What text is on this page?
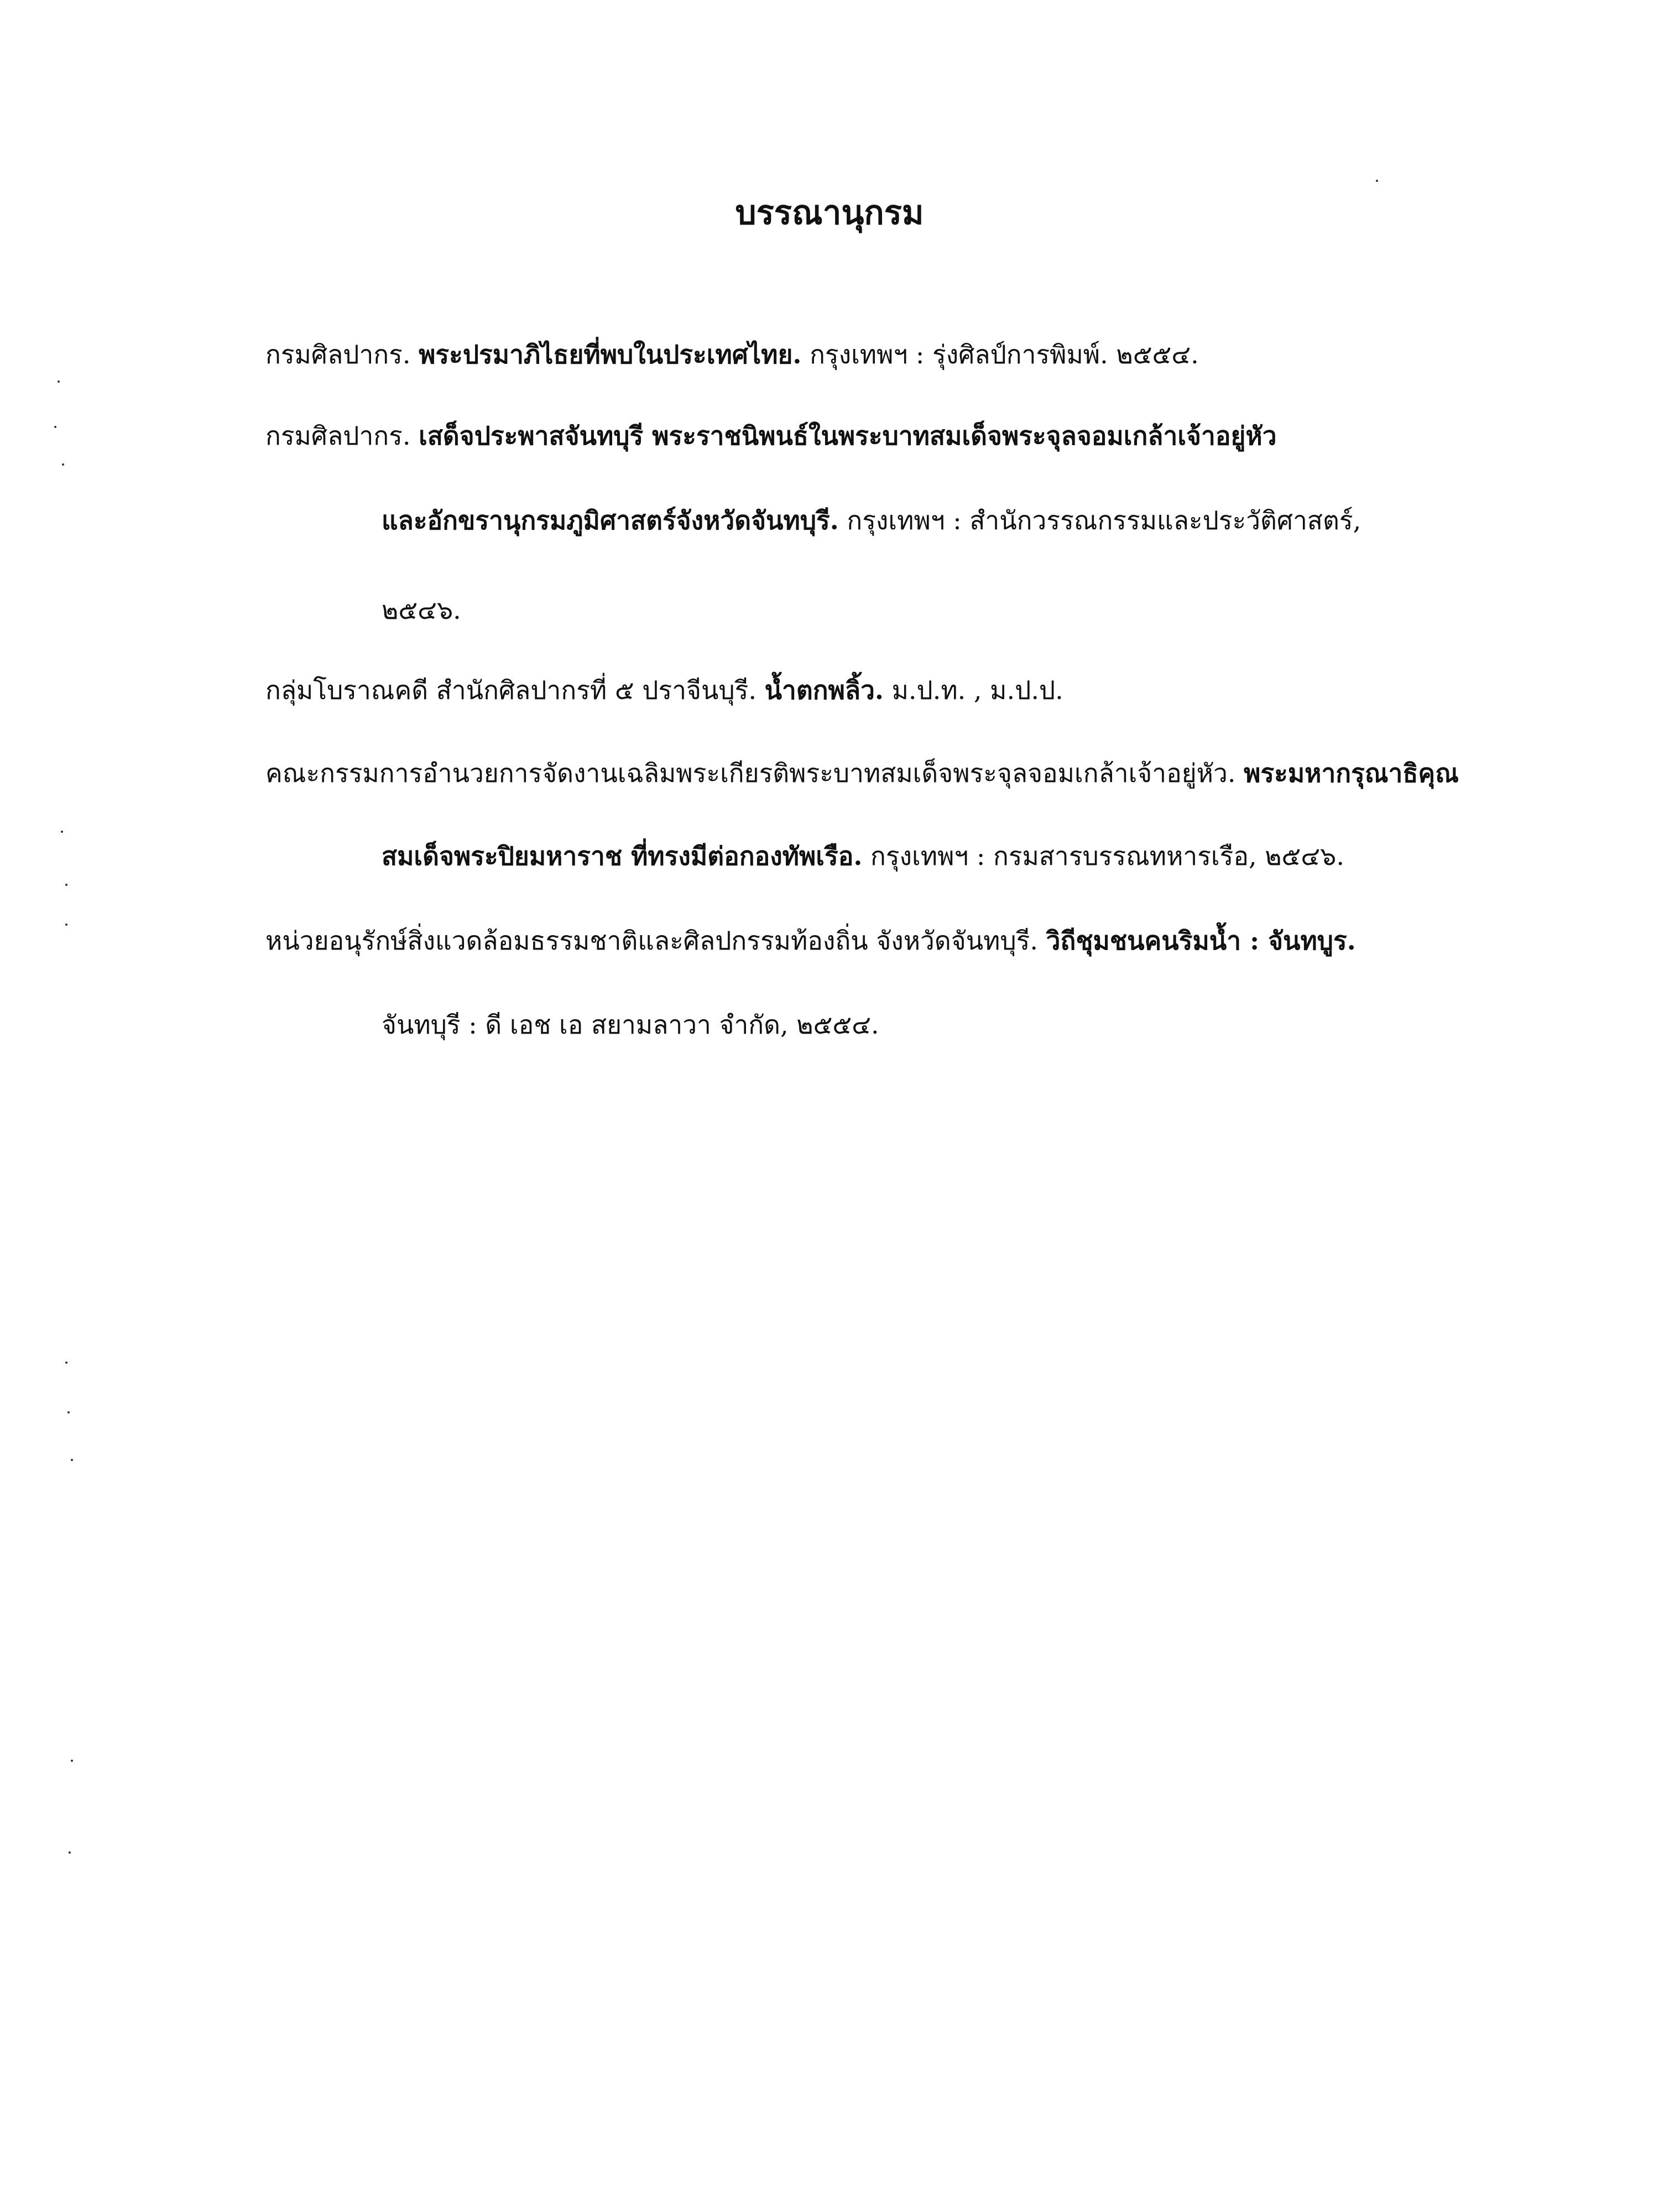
บรรณานุกรม
กรมศิลปากร. พระปรมาภิไธยที่พบในประเทศไทย. กรุงเทพฯ : รุ่งศิลป์การพิมพ์. ๒๕๕๔.
กรมศิลปากร. เสด็จประพาสจันทบุรี พระราชนิพนธ์ในพระบาทสมเด็จพระจุลจอมเกล้าเจ้าอยู่หัว
และอักขรานุกรมภูมิศาสตร์จังหวัดจันทบุรี. กรุงเทพฯ : สำนักวรรณกรรมและประวัติศาสตร์,
๒๕๔๖.
กลุ่มโบราณคดี สำนักศิลปากรที่ ๕ ปราจีนบุรี. น้ำตกพลิ้ว. ม.ป.ท. , ม.ป.ป.
คณะกรรมการอำนวยการจัดงานเฉลิมพระเกียรติพระบาทสมเด็จพระจุลจอมเกล้าเจ้าอยู่หัว. พระมหากรุณาธิคุณ
สมเด็จพระปิยมหาราช ที่ทรงมีต่อกองทัพเรือ. กรุงเทพฯ : กรมสารบรรณทหารเรือ, ๒๕๔๖.
หน่วยอนุรักษ์สิ่งแวดล้อมธรรมชาติและศิลปกรรมท้องถิ่น จังหวัดจันทบุรี. วิถีชุมชนคนริมน้ำ : จันทบูร.
จันทบุรี : ดี เอช เอ สยามลาวา จำกัด, ๒๕๕๔.
